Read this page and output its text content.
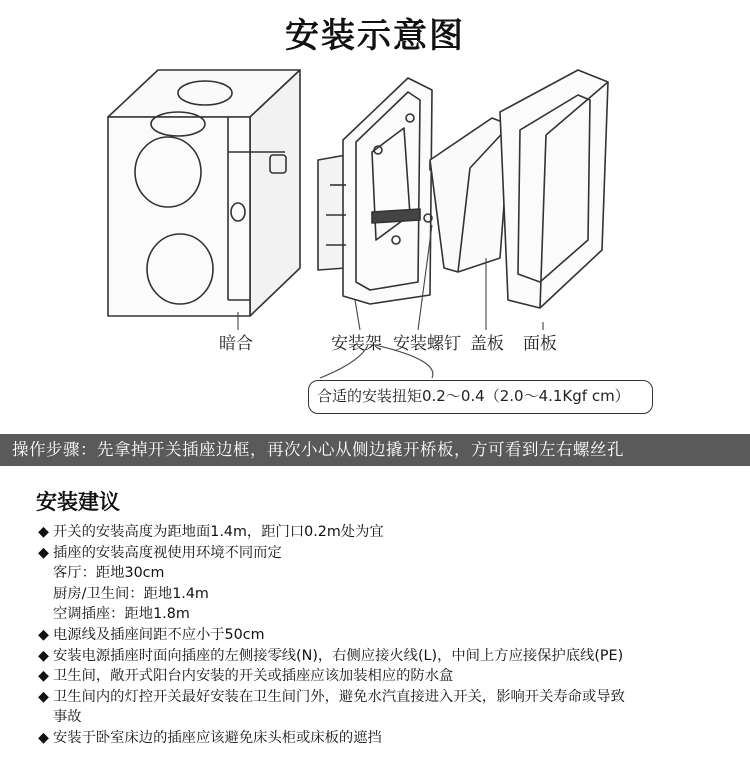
安装示意图
暗合	安装架 安装螺钉 盖板 面板
合适的安装扭矩0.2～0.4（2.0～4.1Kgf cm）
操作步骤：先拿掉开关插座边框，再次小心从侧边撬开桥板，方可看到左右螺丝孔
安装建议
◆ 开关的安装高度为距地面1.4m，距门口0.2m处为宜
◆ 插座的安装高度视使用环境不同而定
客厅：距地30cm
厨房/卫生间：距地1.4m
空调插座：距地1.8m
◆ 电源线及插座间距不应小于50cm
◆ 安装电源插座时面向插座的左侧接零线(N)，右侧应接火线(L)，中间上方应接保护底线(PE)
◆ 卫生间，敞开式阳台内安装的开关或插座应该加装相应的防水盒
◆ 卫生间内的灯控开关最好安装在卫生间门外，避免水汽直接进入开关，影响开关寿命或导致
事故
◆ 安装于卧室床边的插座应该避免床头柜或床板的遮挡
